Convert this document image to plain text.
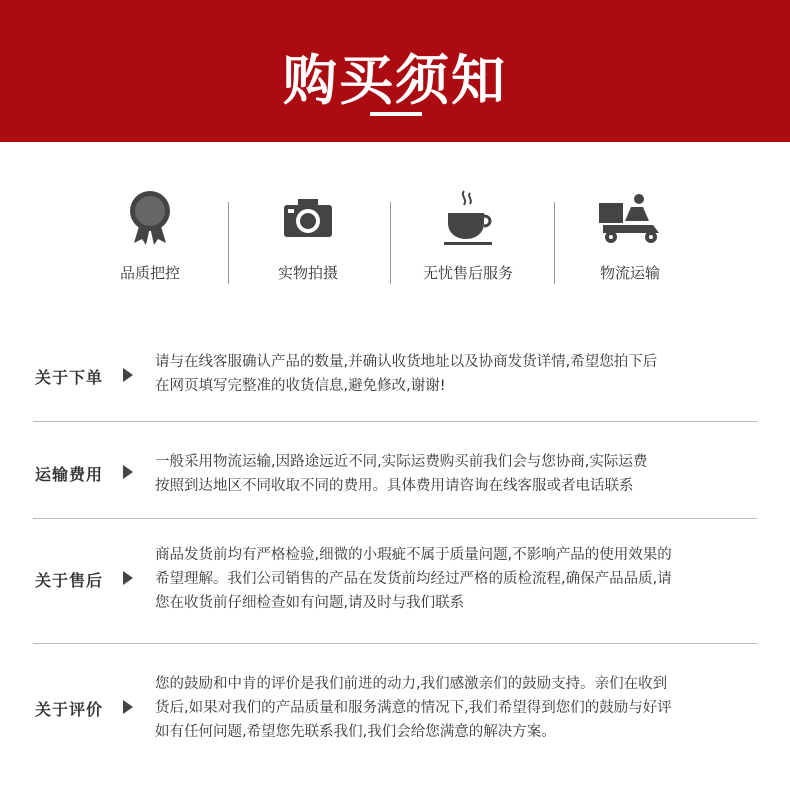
购买须知
品质把控	实物拍摄	无忧售后服务	物流运输
关于下单
请与在线客服确认产品的数量,并确认收货地址以及协商发货详情,希望您拍下后
在网页填写完整准的收货信息,避免修改,谢谢!
运输费用
一般采用物流运输,因路途远近不同,实际运费购买前我们会与您协商,实际运费
按照到达地区不同收取不同的费用。具体费用请咨询在线客服或者电话联系
关于售后
商品发货前均有严格检验,细微的小瑕疵不属于质量问题,不影响产品的使用效果的
希望理解。我们公司销售的产品在发货前均经过严格的质检流程,确保产品品质,请
您在收货前仔细检查如有问题,请及时与我们联系
关于评价
您的鼓励和中肯的评价是我们前进的动力,我们感激亲们的鼓励支持。亲们在收到
货后,如果对我们的产品质量和服务满意的情况下,我们希望得到您们的鼓励与好评
如有任何问题,希望您先联系我们,我们会给您满意的解决方案。
